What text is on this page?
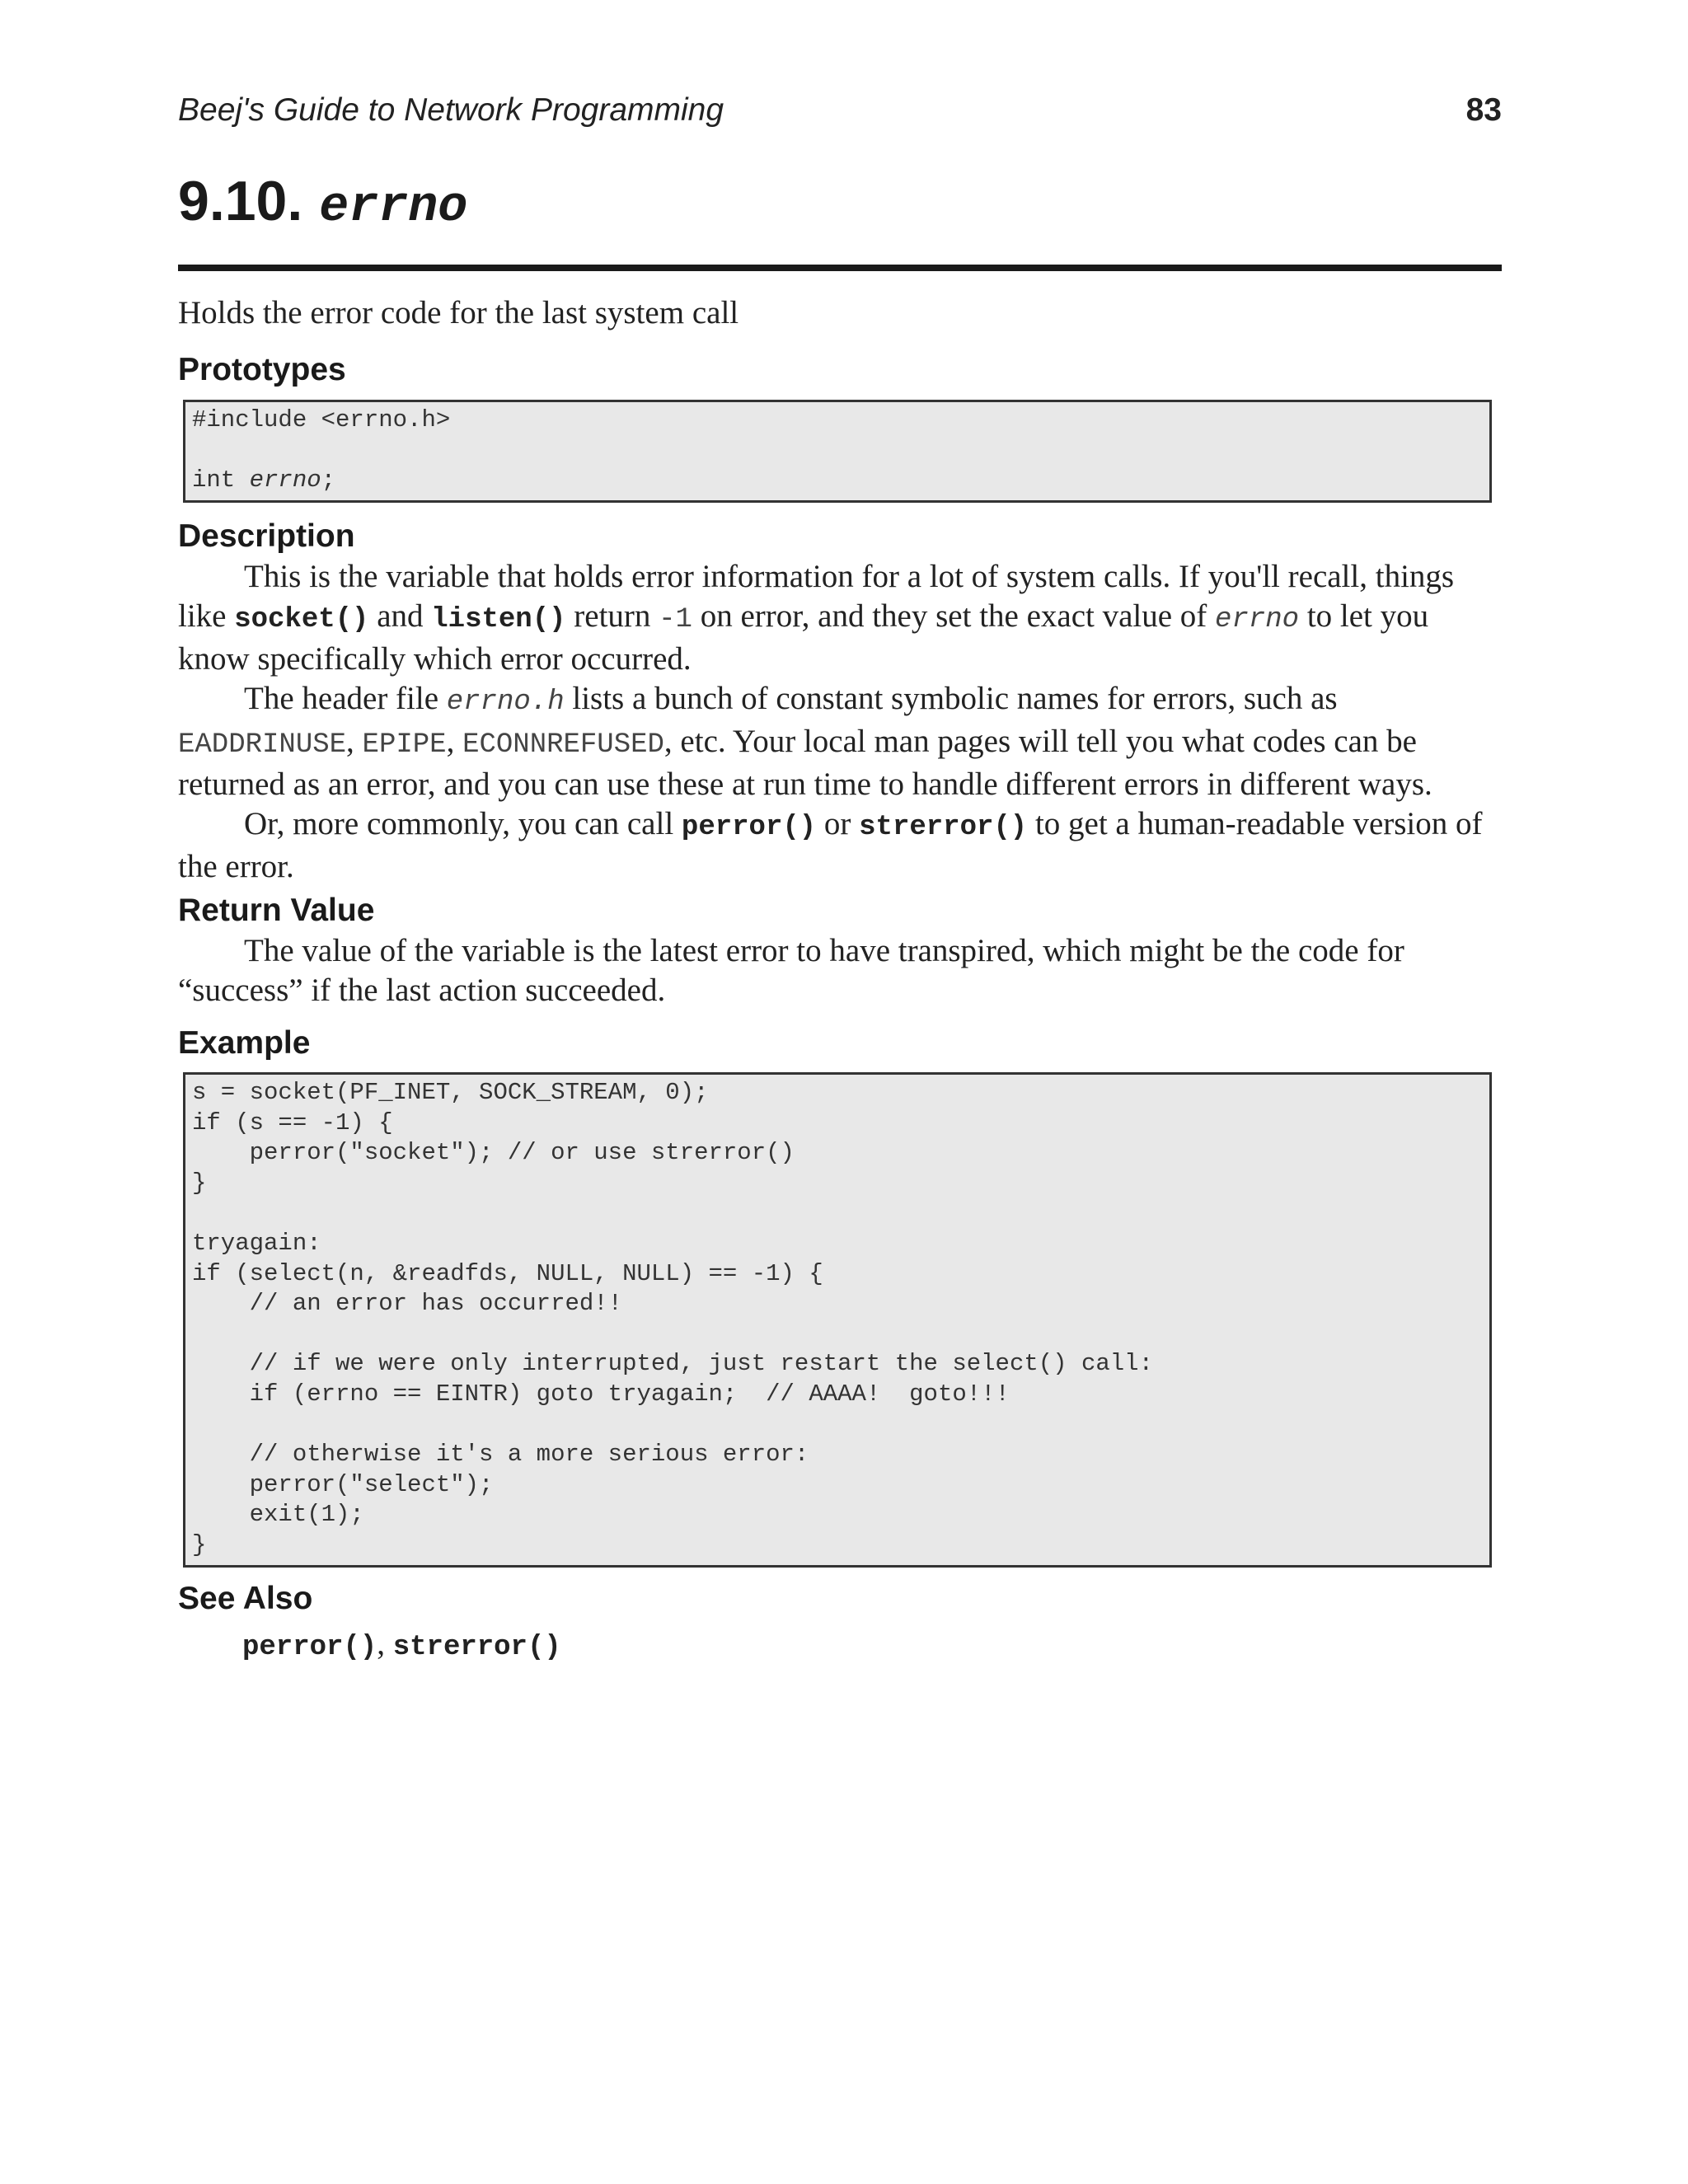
Beej's Guide to Network Programming	83
9.10. errno
Holds the error code for the last system call
Prototypes
#include <errno.h>

int errno;
Description

This is the variable that holds error information for a lot of system calls. If you'll recall, things like socket() and listen() return -1 on error, and they set the exact value of errno to let you know specifically which error occurred.

The header file errno.h lists a bunch of constant symbolic names for errors, such as EADDRINUSE, EPIPE, ECONNREFUSED, etc. Your local man pages will tell you what codes can be returned as an error, and you can use these at run time to handle different errors in different ways.

Or, more commonly, you can call perror() or strerror() to get a human-readable version of the error.

Return Value

The value of the variable is the latest error to have transpired, which might be the code for “success” if the last action succeeded.

Example
s = socket(PF_INET, SOCK_STREAM, 0);
if (s == -1) {
perror("socket"); // or use strerror()
}

tryagain:
if (select(n, &readfds, NULL, NULL) == -1) {
// an error has occurred!!

// if we were only interrupted, just restart the select() call:
if (errno == EINTR) goto tryagain;  // AAAA!  goto!!!

// otherwise it's a more serious error:
perror("select");
exit(1);
}
See Also
perror(), strerror()
